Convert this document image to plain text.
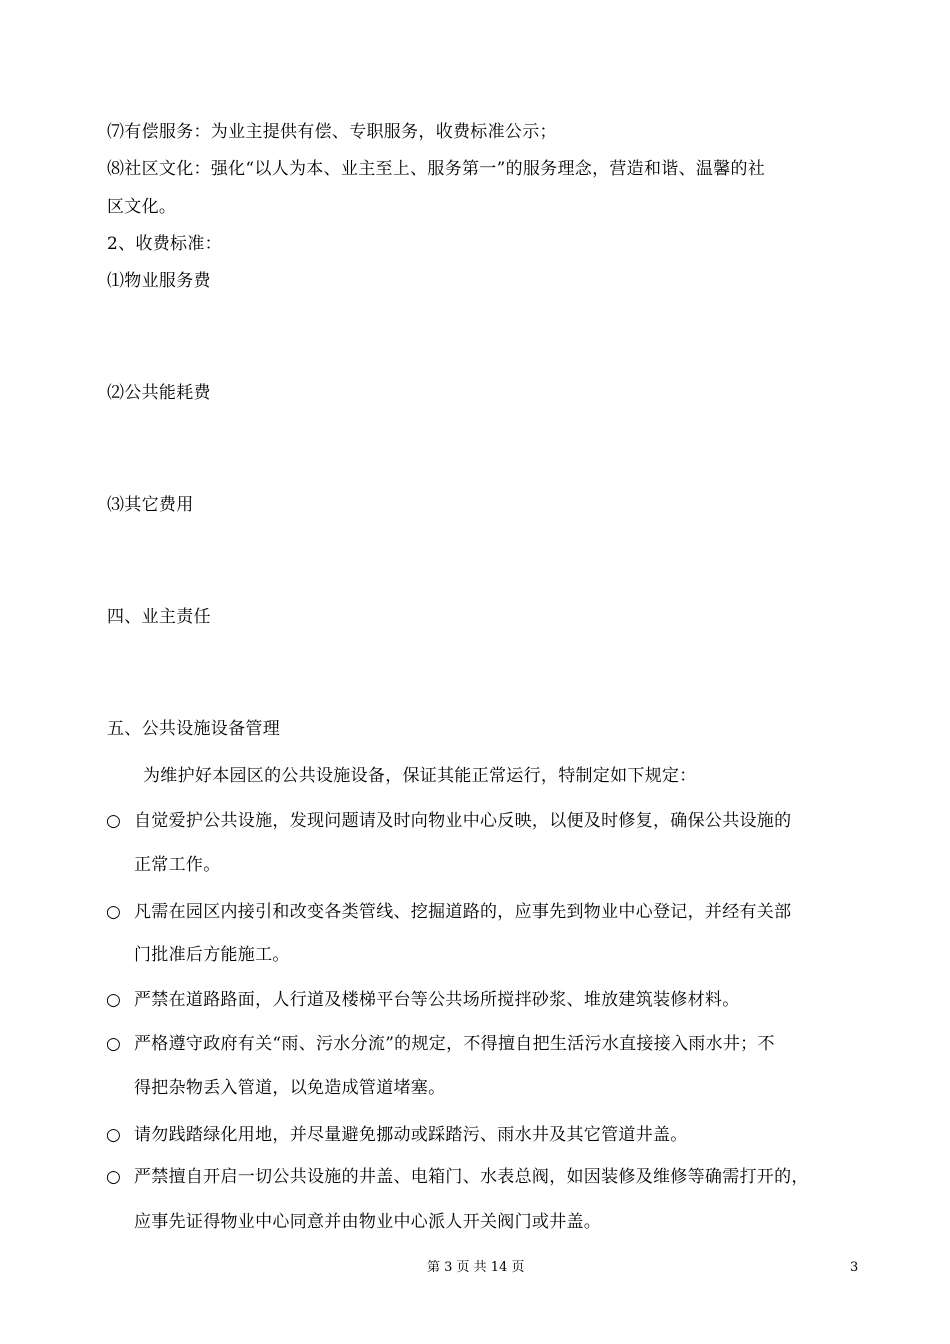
⑺有偿服务：为业主提供有偿、专职服务，收费标准公示；
⑻社区文化：强化“以人为本、业主至上、服务第一”的服务理念，营造和谐、温馨的社
区文化。
2、收费标准：
⑴物业服务费
⑵公共能耗费
⑶其它费用
四、业主责任
五、公共设施设备管理
为维护好本园区的公共设施设备，保证其能正常运行，特制定如下规定：
○ 自觉爱护公共设施，发现问题请及时向物业中心反映，以便及时修复，确保公共设施的
正常工作。
○ 凡需在园区内接引和改变各类管线、挖掘道路的，应事先到物业中心登记，并经有关部
门批准后方能施工。
○ 严禁在道路路面，人行道及楼梯平台等公共场所搅拌砂浆、堆放建筑装修材料。
○ 严格遵守政府有关“雨、污水分流”的规定，不得擅自把生活污水直接接入雨水井；不
得把杂物丢入管道，以免造成管道堵塞。
○ 请勿践踏绿化用地，并尽量避免挪动或踩踏污、雨水井及其它管道井盖。
○ 严禁擅自开启一切公共设施的井盖、电箱门、水表总阀，如因装修及维修等确需打开的，
应事先证得物业中心同意并由物业中心派人开关阀门或井盖。
第 3 页 共 14 页	3
